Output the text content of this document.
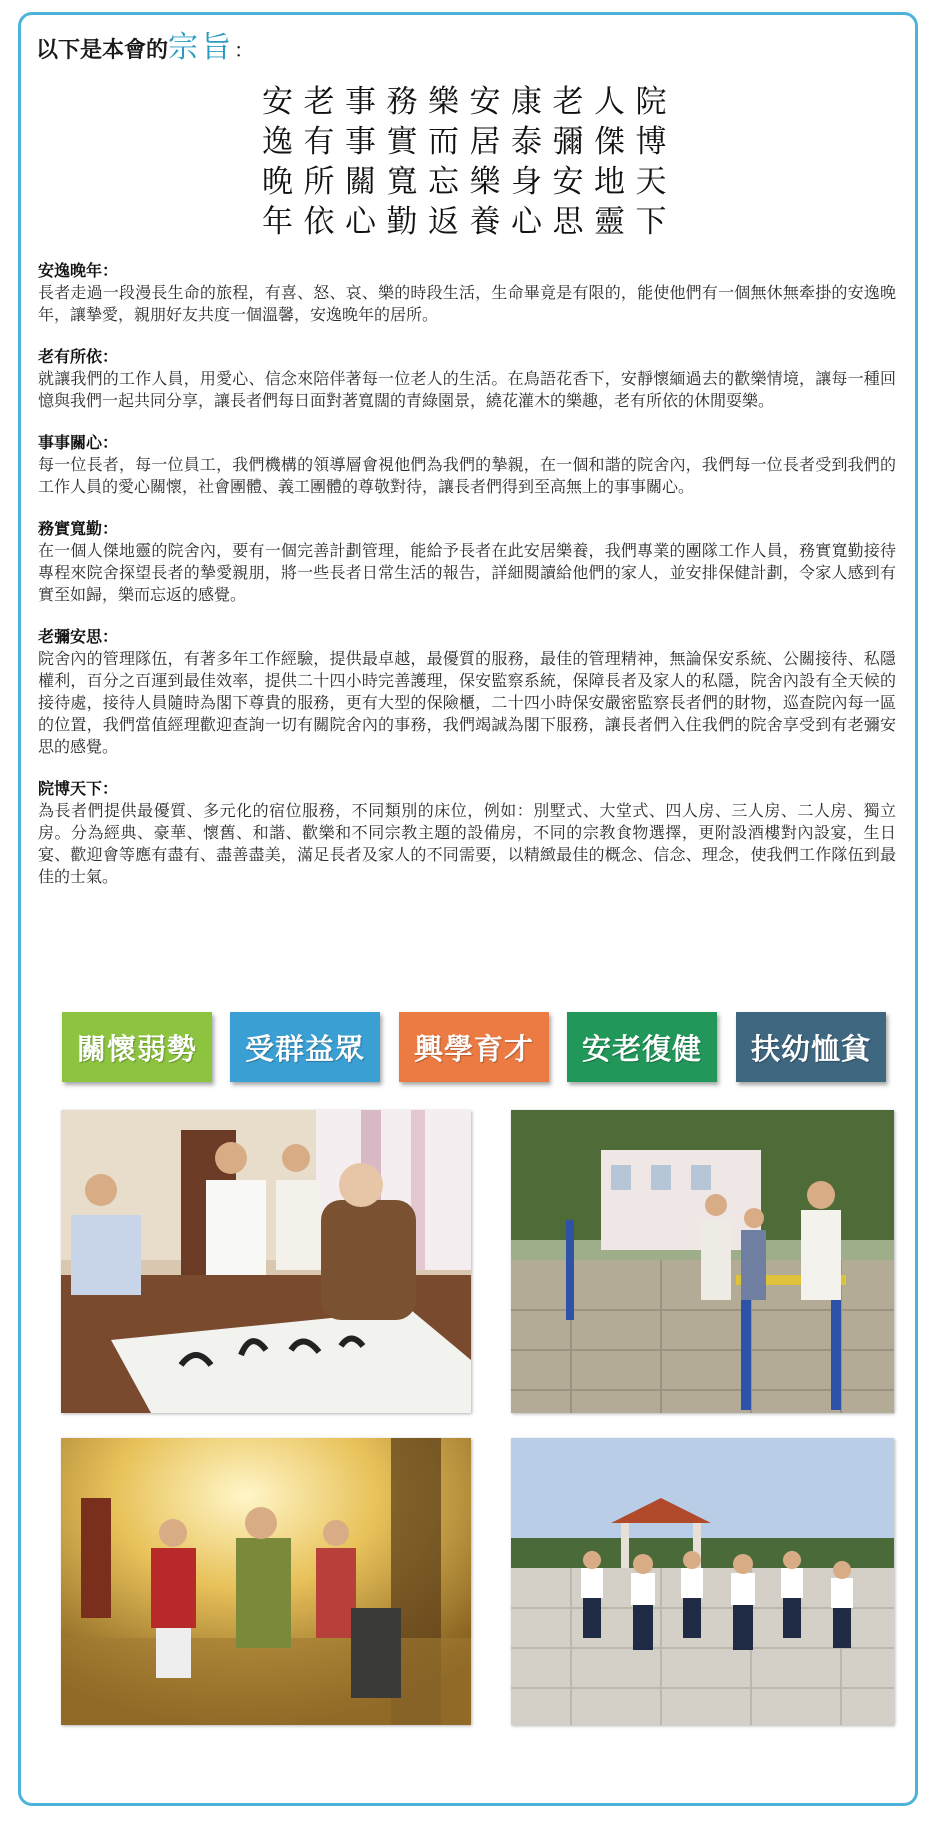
以下是本會的宗旨：
安老事務樂安康老人院
逸有事實而居泰彌傑博
晚所關寬忘樂身安地天
年依心勤返養心思靈下
安逸晚年：
長者走過一段漫長生命的旅程，有喜、怒、哀、樂的時段生活，生命畢竟是有限的，能使他們有一個無休無牽掛的安逸晚年，讓摯愛，親朋好友共度一個溫馨，安逸晚年的居所。
老有所依：
就讓我們的工作人員，用愛心、信念來陪伴著每一位老人的生活。在鳥語花香下，安靜懷緬過去的歡樂情境，讓每一種回憶與我們一起共同分享，讓長者們每日面對著寬闊的青綠園景，繞花灌木的樂趣，老有所依的休閒耍樂。
事事關心：
每一位長者，每一位員工，我們機構的領導層會視他們為我們的摯親，在一個和諧的院舍內，我們每一位長者受到我們的工作人員的愛心關懷，社會團體、義工團體的尊敬對待，讓長者們得到至高無上的事事關心。
務實寬勤：
在一個人傑地靈的院舍內，要有一個完善計劃管理，能給予長者在此安居樂養，我們專業的團隊工作人員，務實寬勤接待專程來院舍探望長者的摯愛親朋，將一些長者日常生活的報告，詳細閱讀給他們的家人，並安排保健計劃，令家人感到有實至如歸，樂而忘返的感覺。
老彌安思：
院舍內的管理隊伍，有著多年工作經驗，提供最卓越，最優質的服務，最佳的管理精神，無論保安系統、公關接待、私隱權利，百分之百運到最佳效率，提供二十四小時完善護理，保安監察系統，保障長者及家人的私隱，院舍內設有全天候的接待處，接待人員隨時為閣下尊貴的服務，更有大型的保險櫃，二十四小時保安嚴密監察長者們的財物，巡查院內每一區的位置，我們當值經理歡迎查詢一切有關院舍內的事務，我們竭誠為閣下服務，讓長者們入住我們的院舍享受到有老彌安思的感覺。
院博天下：
為長者們提供最優質、多元化的宿位服務，不同類別的床位，例如：別墅式、大堂式、四人房、三人房、二人房、獨立房。分為經典、豪華、懷舊、和諧、歡樂和不同宗教主題的設備房，不同的宗教食物選擇，更附設酒樓對內設宴，生日宴、歡迎會等應有盡有、盡善盡美，滿足長者及家人的不同需要，以精緻最佳的概念、信念、理念，使我們工作隊伍到最佳的士氣。
關懷弱勢	受群益眾	興學育才	安老復健	扶幼恤貧
